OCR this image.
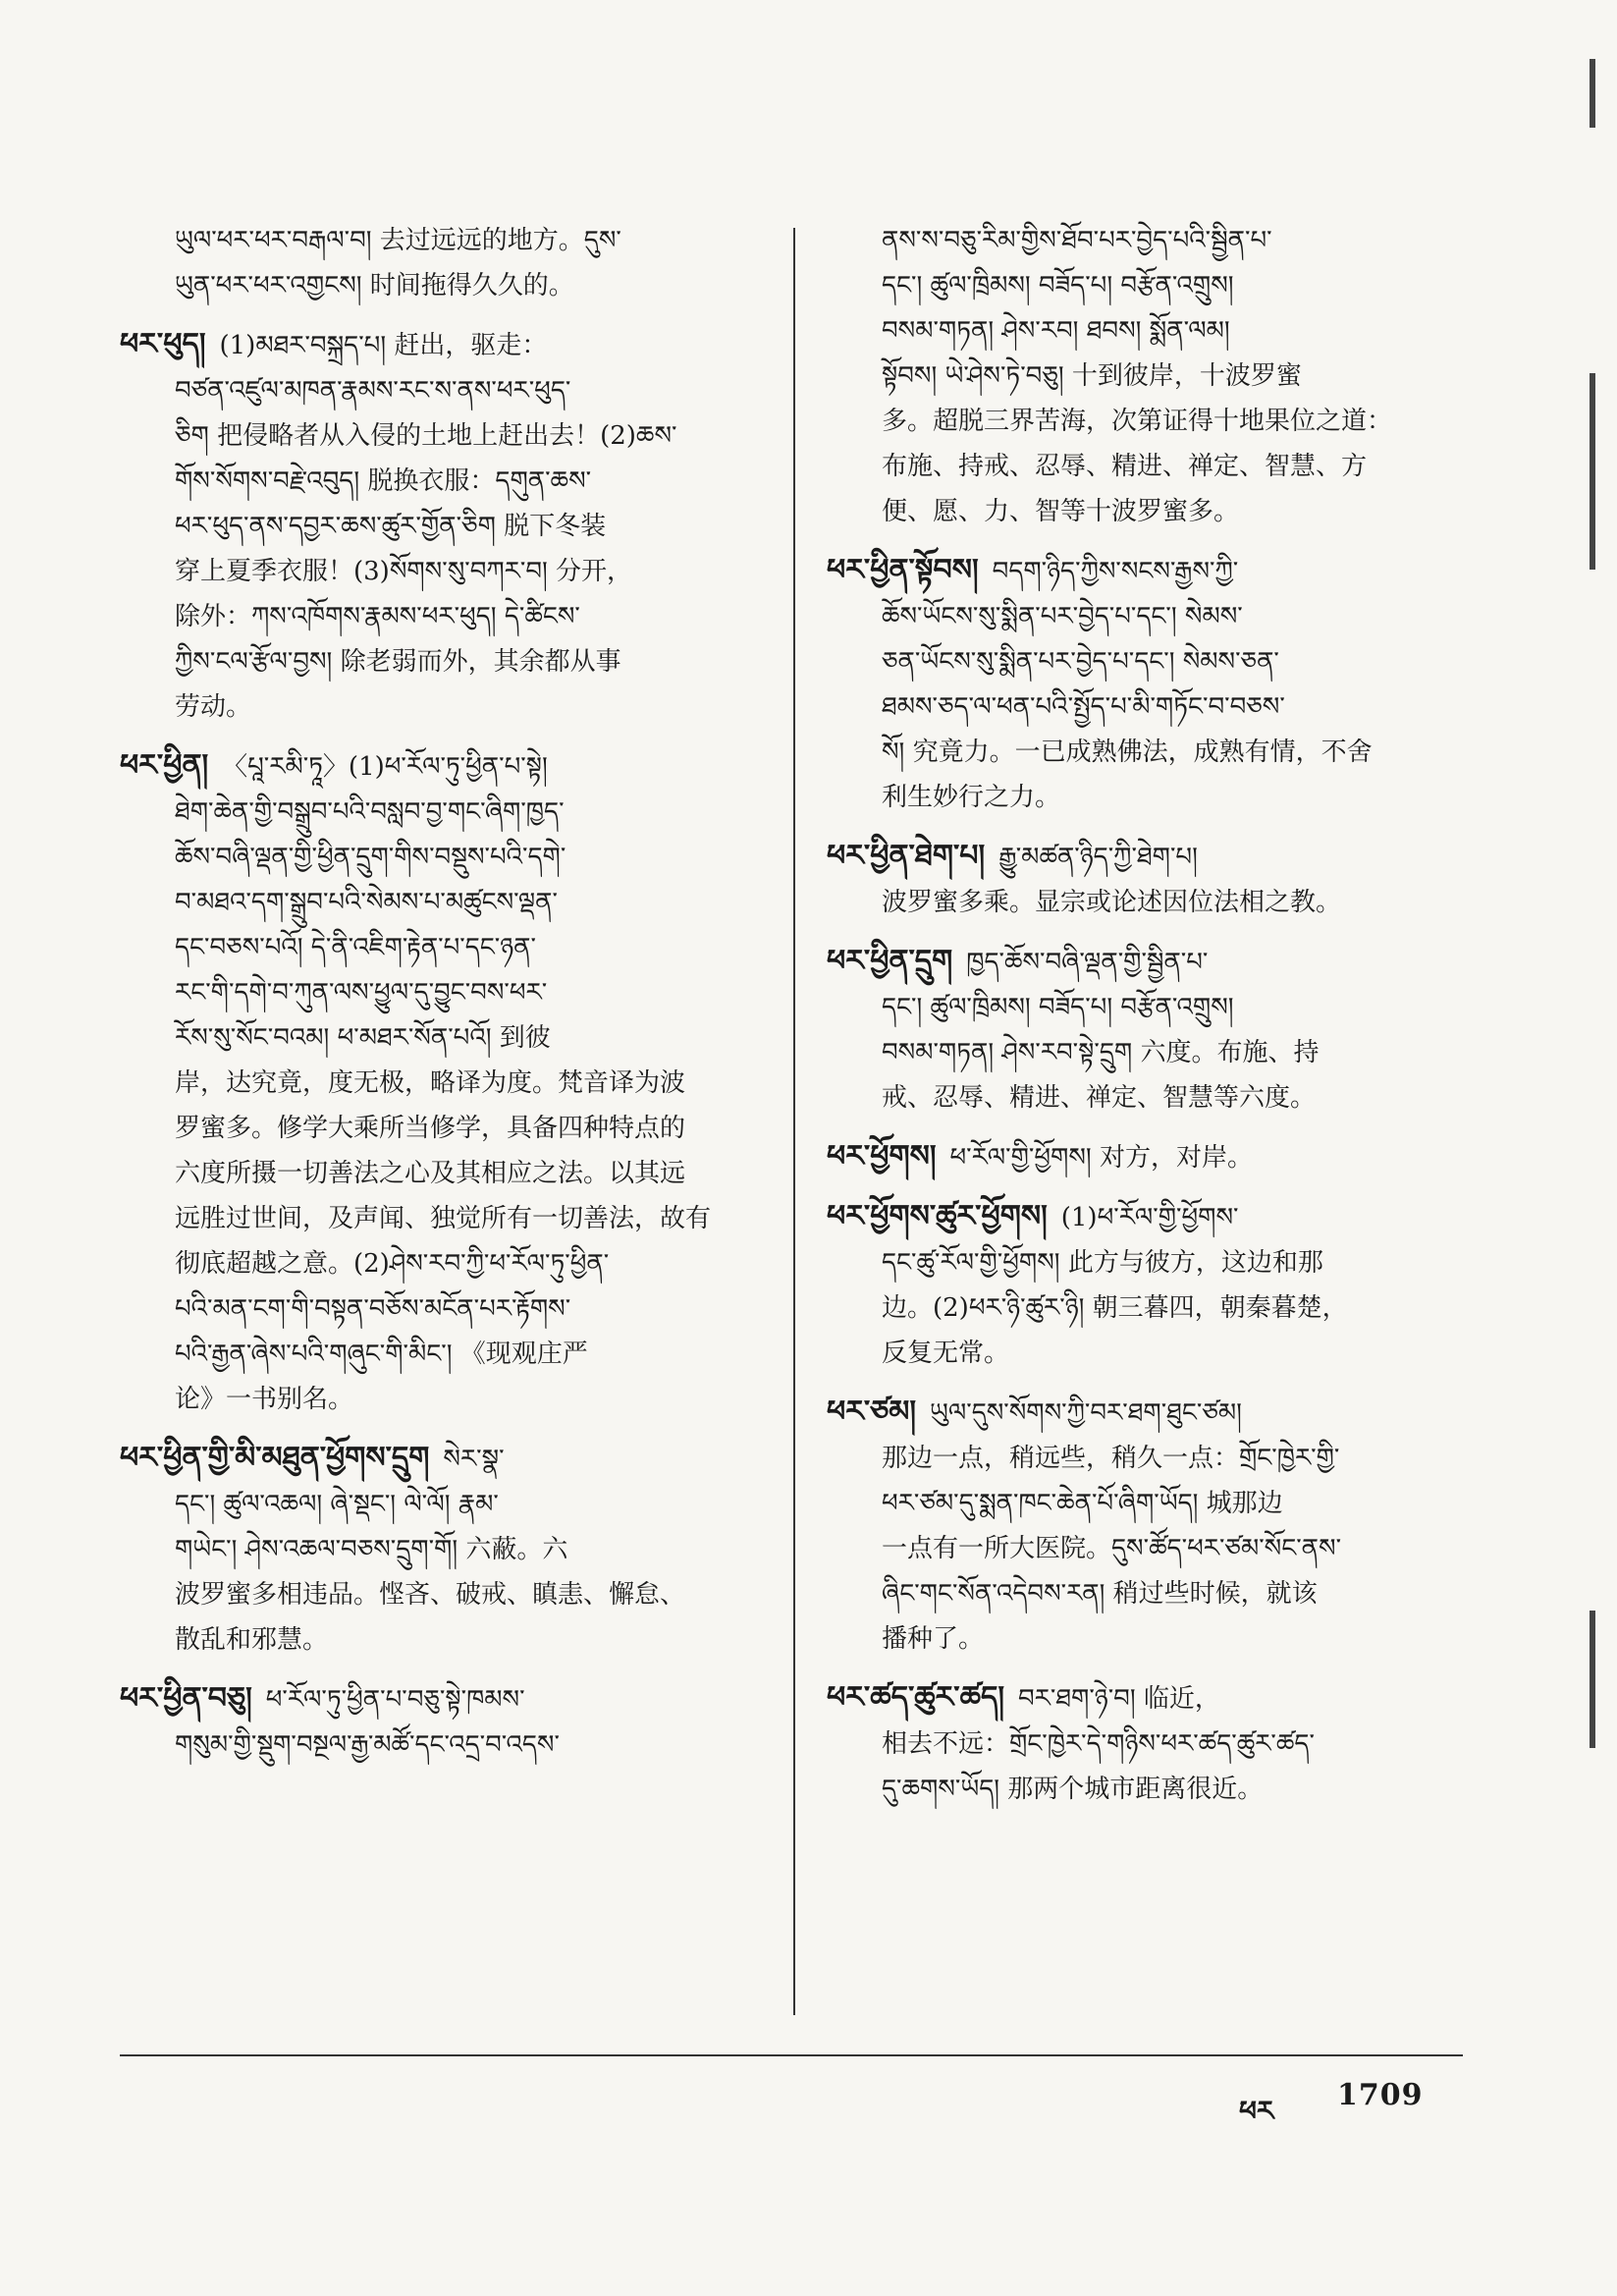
ཡུལ་ཕར་ཕར་བརྒལ་བ། 去过远远的地方。དུས་

ཡུན་ཕར་ཕར་འགྱངས། 时间拖得久久的。

ཕར་ཕུད། (1)མཐར་བསྐྲད་པ། 赶出，驱走：

བཙན་འཛུལ་མཁན་རྣམས་རང་ས་ནས་ཕར་ཕུད་

ཅིག 把侵略者从入侵的土地上赶出去！(2)ཆས་

གོས་སོགས་བརྗེ་འབུད། 脱换衣服：དགུན་ཆས་

ཕར་ཕུད་ནས་དབྱར་ཆས་ཚུར་གྱོན་ཅིག 脱下冬装

穿上夏季衣服！(3)སོགས་སུ་བཀར་བ། 分开，

除外：ཀས་འཁོགས་རྣམས་ཕར་ཕུད། དེ་ཚིངས་

ཀྱིས་ངལ་རྩོལ་བྱས། 除老弱而外，其余都从事

劳动。

ཕར་ཕྱིན། 〈པཱ་རམི་ཏཱ〉(1)ཕ་རོལ་ཏུ་ཕྱིན་པ་སྟེ།

ཐེག་ཆེན་གྱི་བསྒྲུབ་པའི་བསླབ་བྱ་གང་ཞིག་ཁྱད་

ཆོས་བཞི་ལྡན་གྱི་ཕྱིན་དྲུག་གིས་བསྡུས་པའི་དགེ་

བ་མཐའ་དག་སྒྲུབ་པའི་སེམས་པ་མཚུངས་ལྡན་

དང་བཅས་པའོ། དེ་ནི་འཇིག་རྟེན་པ་དང་ཉན་

རང་གི་དགེ་བ་ཀུན་ལས་ཕྱུལ་དུ་བྱུང་བས་ཕར་

རོས་སུ་སོང་བའམ། ཕ་མཐར་སོན་པའོ། 到彼

岸，达究竟，度无极，略译为度。梵音译为波

罗蜜多。修学大乘所当修学，具备四种特点的

六度所摄一切善法之心及其相应之法。以其远

远胜过世间，及声闻、独觉所有一切善法，故有

彻底超越之意。(2)ཤེས་རབ་ཀྱི་ཕ་རོལ་ཏུ་ཕྱིན་

པའི་མན་ངག་གི་བསྟན་བཅོས་མངོན་པར་རྟོགས་

པའི་རྒྱན་ཞེས་པའི་གཞུང་གི་མིང་། 《现观庄严

论》一书别名。

ཕར་ཕྱིན་གྱི་མི་མཐུན་ཕྱོགས་དྲུག སེར་སྣ་

དང་། ཚུལ་འཆལ། ཞེ་སྡང་། ལེ་ལོ། རྣམ་

གཡེང་། ཤེས་འཆལ་བཅས་དྲུག་གོ། 六蔽。六

波罗蜜多相违品。悭吝、破戒、瞋恚、懈怠、

散乱和邪慧。

ཕར་ཕྱིན་བཅུ། ཕ་རོལ་ཏུ་ཕྱིན་པ་བཅུ་སྟེ་ཁམས་

གསུམ་གྱི་སྡུག་བསྔལ་རྒྱ་མཚོ་དང་འདྲ་བ་འདས་

ནས་ས་བཅུ་རིམ་གྱིས་ཐོབ་པར་བྱེད་པའི་སྦྱིན་པ་

དང་། ཚུལ་ཁྲིམས། བཟོད་པ། བརྩོན་འགྲུས།

བསམ་གཏན། ཤེས་རབ། ཐབས། སྨོན་ལམ།

སྟོབས། ཡེ་ཤེས་ཏེ་བཅུ། 十到彼岸，十波罗蜜

多。超脱三界苦海，次第证得十地果位之道：

布施、持戒、忍辱、精进、禅定、智慧、方

便、愿、力、智等十波罗蜜多。

ཕར་ཕྱིན་སྟོབས། བདག་ཉིད་ཀྱིས་སངས་རྒྱས་ཀྱི་

ཆོས་ཡོངས་སུ་སྨིན་པར་བྱེད་པ་དང་། སེམས་

ཅན་ཡོངས་སུ་སྨིན་པར་བྱེད་པ་དང་། སེམས་ཅན་

ཐམས་ཅད་ལ་ཕན་པའི་སྤྱོད་པ་མི་གཏོང་བ་བཅས་

སོ། 究竟力。一已成熟佛法，成熟有情，不舍

利生妙行之力。

ཕར་ཕྱིན་ཐེག་པ། རྒྱུ་མཚན་ཉིད་ཀྱི་ཐེག་པ།

波罗蜜多乘。显宗或论述因位法相之教。

ཕར་ཕྱིན་དྲུག ཁྱད་ཆོས་བཞི་ལྡན་གྱི་སྦྱིན་པ་

དང་། ཚུལ་ཁྲིམས། བཟོད་པ། བརྩོན་འགྲུས།

བསམ་གཏན། ཤེས་རབ་སྟེ་དྲུག 六度。布施、持

戒、忍辱、精进、禅定、智慧等六度。

ཕར་ཕྱོགས། ཕ་རོལ་གྱི་ཕྱོགས། 对方，对岸。

ཕར་ཕྱོགས་ཚུར་ཕྱོགས། (1)ཕ་རོལ་གྱི་ཕྱོགས་

དང་ཚུ་རོལ་གྱི་ཕྱོགས། 此方与彼方，这边和那

边。(2)ཕར་ཉི་ཚུར་ཉི། 朝三暮四，朝秦暮楚，

反复无常。

ཕར་ཙམ། ཡུལ་དུས་སོགས་ཀྱི་བར་ཐག་ཐུང་ཙམ།

那边一点，稍远些，稍久一点：གྲོང་ཁྱེར་གྱི་

ཕར་ཙམ་དུ་སྨན་ཁང་ཆེན་པོ་ཞིག་ཡོད། 城那边

一点有一所大医院。དུས་ཚོད་ཕར་ཙམ་སོང་ནས་

ཞིང་གང་སོན་འདེབས་རན། 稍过些时候，就该

播种了。

ཕར་ཚད་ཚུར་ཚད། བར་ཐག་ཉེ་བ། 临近，

相去不远：གྲོང་ཁྱེར་དེ་གཉིས་ཕར་ཚད་ཚུར་ཚད་

དུ་ཆགས་ཡོད། 那两个城市距离很近。

ཕར 1709
